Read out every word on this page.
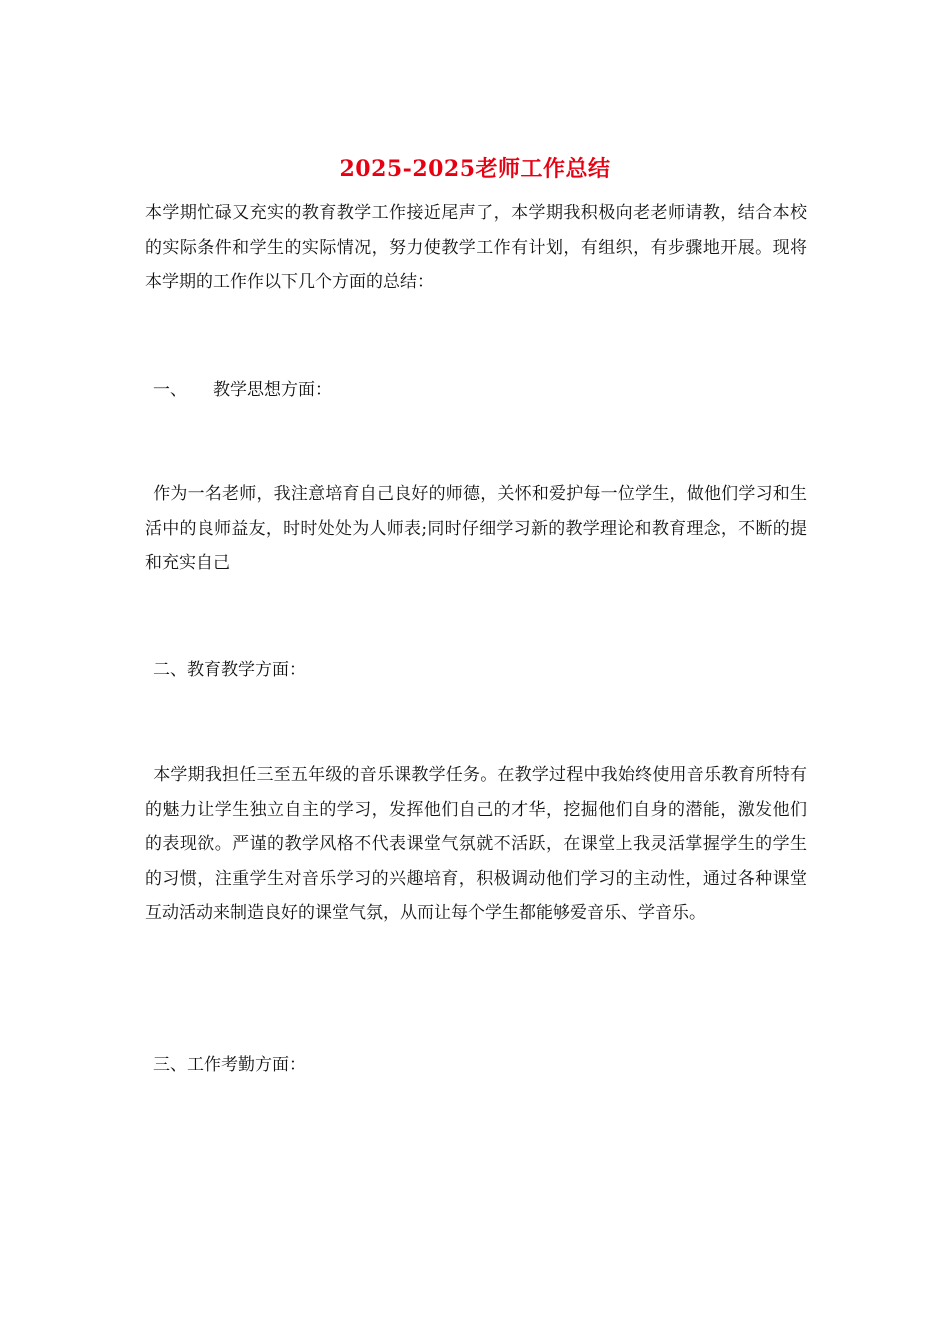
2025-2025老师工作总结
本学期忙碌又充实的教育教学工作接近尾声了，本学期我积极向老老师请教，结合本校的实际条件和学生的实际情况，努力使教学工作有计划，有组织，有步骤地开展。现将本学期的工作作以下几个方面的总结：
一、 教学思想方面：
作为一名老师，我注意培育自己良好的师德，关怀和爱护每一位学生，做他们学习和生活中的良师益友，时时处处为人师表;同时仔细学习新的教学理论和教育理念，不断的提和充实自己
二、教育教学方面：
本学期我担任三至五年级的音乐课教学任务。在教学过程中我始终使用音乐教育所特有的魅力让学生独立自主的学习，发挥他们自己的才华，挖掘他们自身的潜能，激发他们的表现欲。严谨的教学风格不代表课堂气氛就不活跃，在课堂上我灵活掌握学生的学生的习惯，注重学生对音乐学习的兴趣培育，积极调动他们学习的主动性，通过各种课堂互动活动来制造良好的课堂气氛，从而让每个学生都能够爱音乐、学音乐。
三、工作考勤方面：
